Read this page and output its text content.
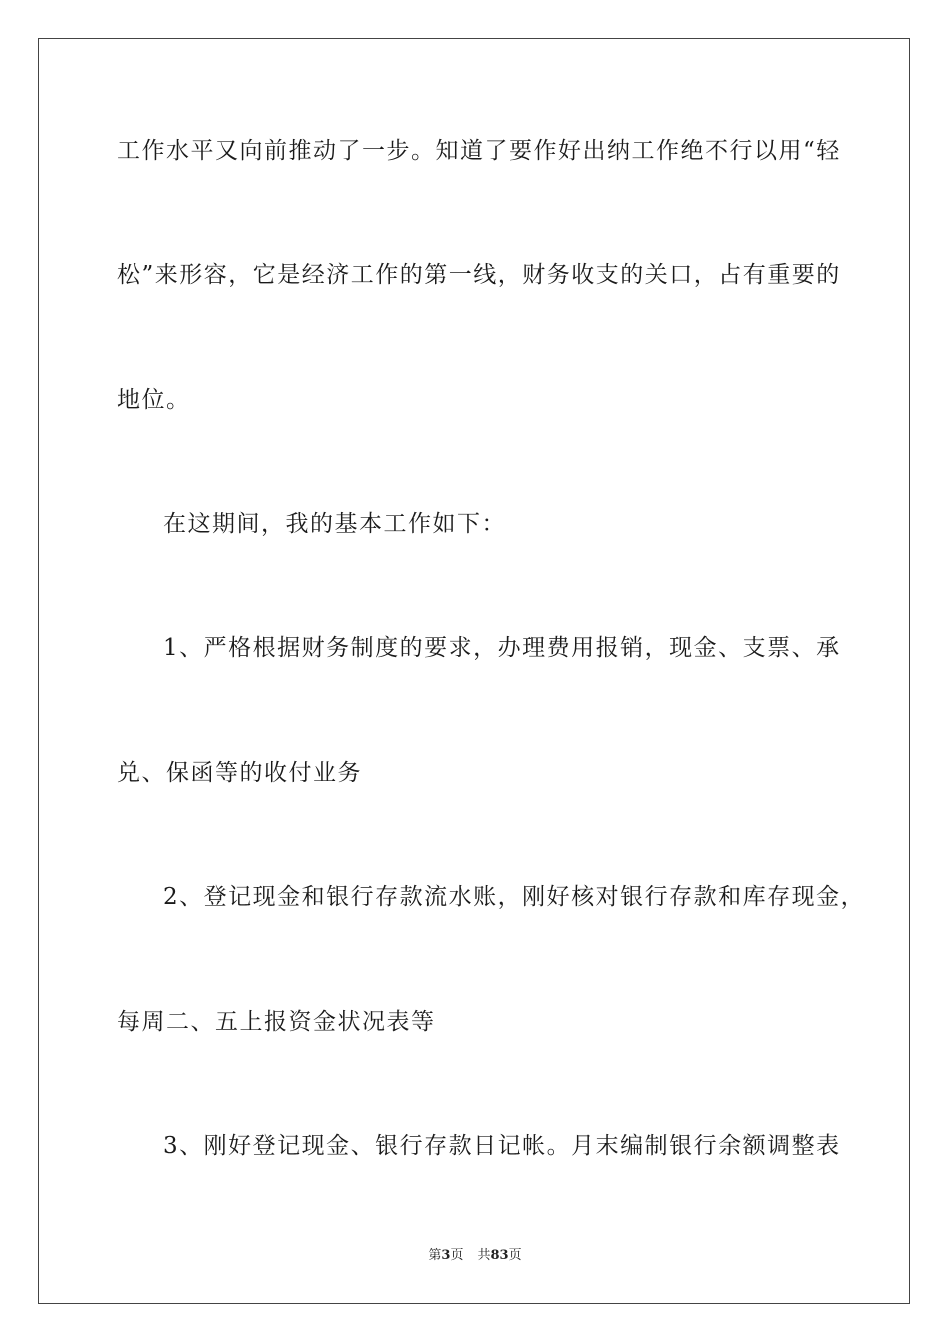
工作水平又向前推动了一步。知道了要作好出纳工作绝不行以用“轻
松”来形容，它是经济工作的第一线，财务收支的关口，占有重要的
地位。
在这期间，我的基本工作如下：
1、严格根据财务制度的要求，办理费用报销，现金、支票、承
兑、保函等的收付业务
2、登记现金和银行存款流水账，刚好核对银行存款和库存现金，
每周二、五上报资金状况表等
3、刚好登记现金、银行存款日记帐。月末编制银行余额调整表
第3页 共83页
